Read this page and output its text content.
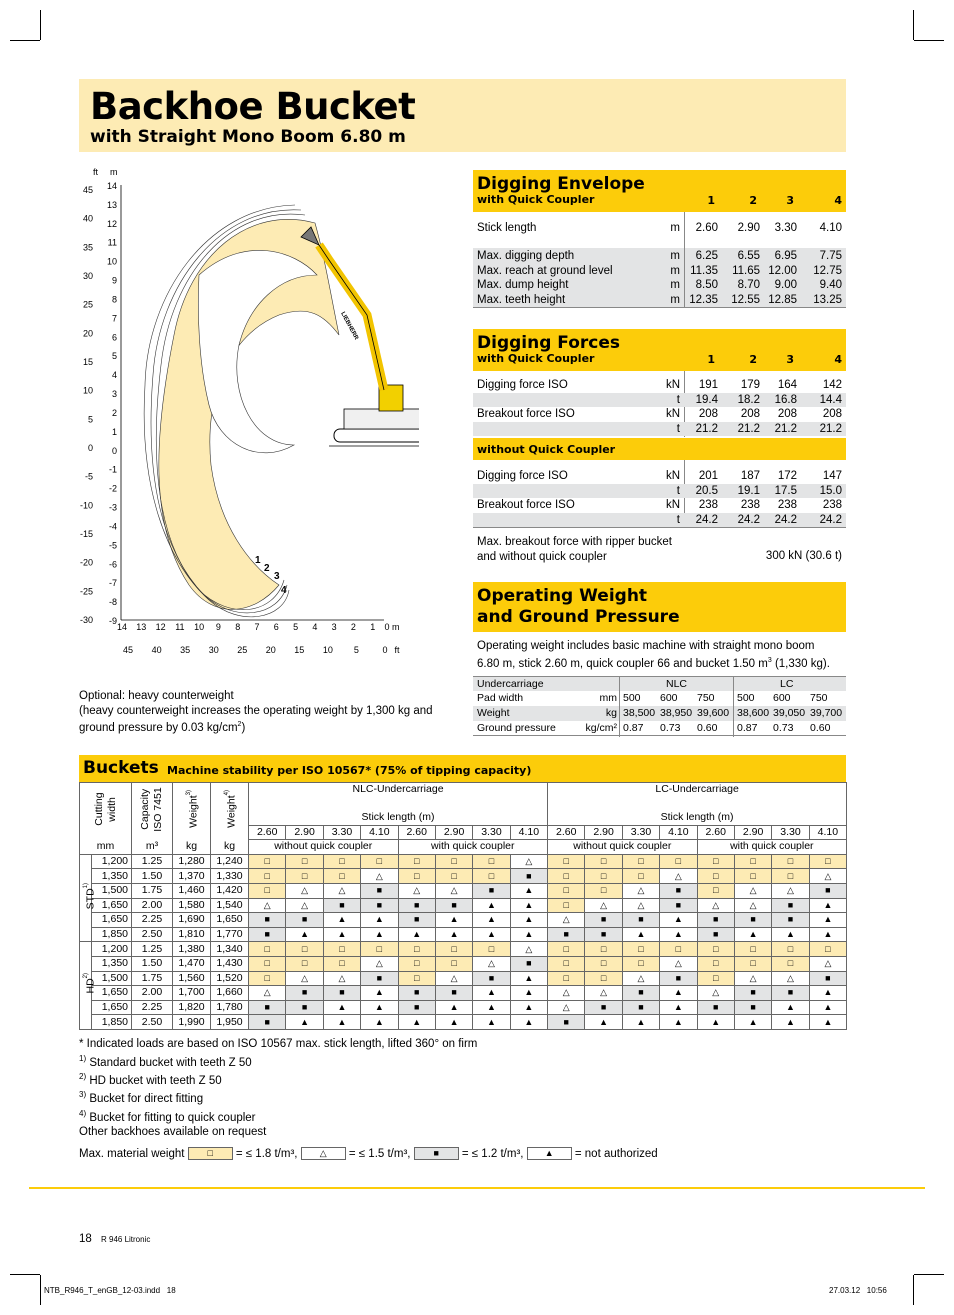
Backhoe Bucket
with Straight Mono Boom 6.80 m
LIEBHERR
ft m
45
40
35
30
25
20
15
10
5
0
-5
-10
-15
-20
-25
-30
14
13
12
11
10
9
8
7
6
5
4
3
2
1
0
-1
-2
-3
-4
-5
-6
-7
-8
-9
14 13 12 11 10 9 8 7 6 5 4 3 2 1 0 m
45 40 35 30 25 20 15 10 5	0 ft
1
2
3
4
Optional: heavy counterweight
(heavy counterweight increases the operating weight by 1,300 kg and
ground pressure by 0.03 $kg/cm^2$)
Digging Envelope
with Quick Coupler	1	2	3	4
Stick length	m 2.60 2.90 3.30 4.10
Max. digging depth	m 6.25 6.55 6.95 7.75
Max. reach at ground level	m 11.35 11.65 12.00 12.75
Max. dump height	m 8.50 8.70 9.00 9.40
Max. teeth height	m 12.35 12.55 12.85 13.25
Digging Forces
with Quick Coupler	1	2	3	4
Digging force ISO	kN 191 179 164 142
t 19.4 18.2 16.8 14.4
Breakout force ISO	kN 208 208 208 208
t 21.2 21.2 21.2 21.2
without Quick Coupler
Digging force ISO	kN 201 187 172 147
t 20.5 19.1 17.5 15.0
Breakout force ISO	kN 238 238 238 238
t 24.2 24.2 24.2 24.2
Max. breakout force with ripper bucket
and without quick coupler	300 kN (30.6 t)
Operating Weight
and Ground Pressure
Operating weight includes basic machine with straight mono boom
6.80 m, stick 2.60 m, quick coupler 66 and bucket 1.50 $m^3$ (1,330 kg).
Undercarriage	NLC	LC
Pad width	mm 500 600 750 500 600 750
Weight	kg 38,500 38,950 39,600 38,600 39,050 39,700
Ground pressure	kg/cm² 0.87 0.73 0.60 0.87 0.73 0.60
Buckets Machine stability per ISO 10567* (75% of tipping capacity)
Cutting width		Capacity ISO 7451	Weight$^{3)}$	Weight$^{4)}$	NLC-Undercarriage								LC-Undercarriage							
					Stick length (m)								Stick length (m)							
					2.60	2.90	3.30	4.10	2.60	2.90	3.30	4.10	2.60	2.90	3.30	4.10	2.60	2.90	3.30	4.10
mm		m³	kg	kg	without quick coupler				with quick coupler				without quick coupler				with quick coupler			
STD$^{1)}$	1,200	1.25	1,280	1,240	□	□	□	□	□	□	□	△	□	□	□	□	□	□	□	□
	1,350	1.50	1,370	1,330	□	□	□	△	□	□	□	■	□	□	□	△	□	□	□	△
	1,500	1.75	1,460	1,420	□	△	△	■	△	△	■	▲	□	□	△	■	□	△	△	■
	1,650	2.00	1,580	1,540	△	△	■	■	■	■	▲	▲	□	△	△	■	△	△	■	▲
	1,650	2.25	1,690	1,650	■	■	▲	▲	■	▲	▲	▲	△	■	■	▲	■	■	■	▲
	1,850	2.50	1,810	1,770	■	▲	▲	▲	▲	▲	▲	▲	■	■	▲	▲	■	▲	▲	▲
HD$^{2)}$	1,200	1.25	1,380	1,340	□	□	□	□	□	□	□	△	□	□	□	□	□	□	□	□
	1,350	1.50	1,470	1,430	□	□	□	△	□	□	△	■	□	□	□	△	□	□	□	△
	1,500	1.75	1,560	1,520	□	△	△	■	□	△	■	▲	□	□	△	■	□	△	△	■
	1,650	2.00	1,700	1,660	△	■	■	▲	■	■	▲	▲	△	△	■	▲	△	■	■	▲
	1,650	2.25	1,820	1,780	■	■	▲	▲	■	▲	▲	▲	△	■	■	▲	■	■	▲	▲
	1,850	2.50	1,990	1,950	■	▲	▲	▲	▲	▲	▲	▲	■	▲	▲	▲	▲	▲	▲	▲
* Indicated loads are based on ISO 10567 max. stick length, lifted 360° on firm
$^{1)}$ Standard bucket with teeth Z 50
$^{2)}$ HD bucket with teeth Z 50
$^{3)}$ Bucket for direct fitting
$^{4)}$ Bucket for fitting to quick coupler
Other backhoes available on request
Max. material weight	□ = ≤ 1.8 t/m³, △ = ≤ 1.5 t/m³,	■ = ≤ 1.2 t/m³, ▲ = not authorized
18 R 946 Litronic
NTB_R946_T_enGB_12-03.indd   18	27.03.12   10:56
